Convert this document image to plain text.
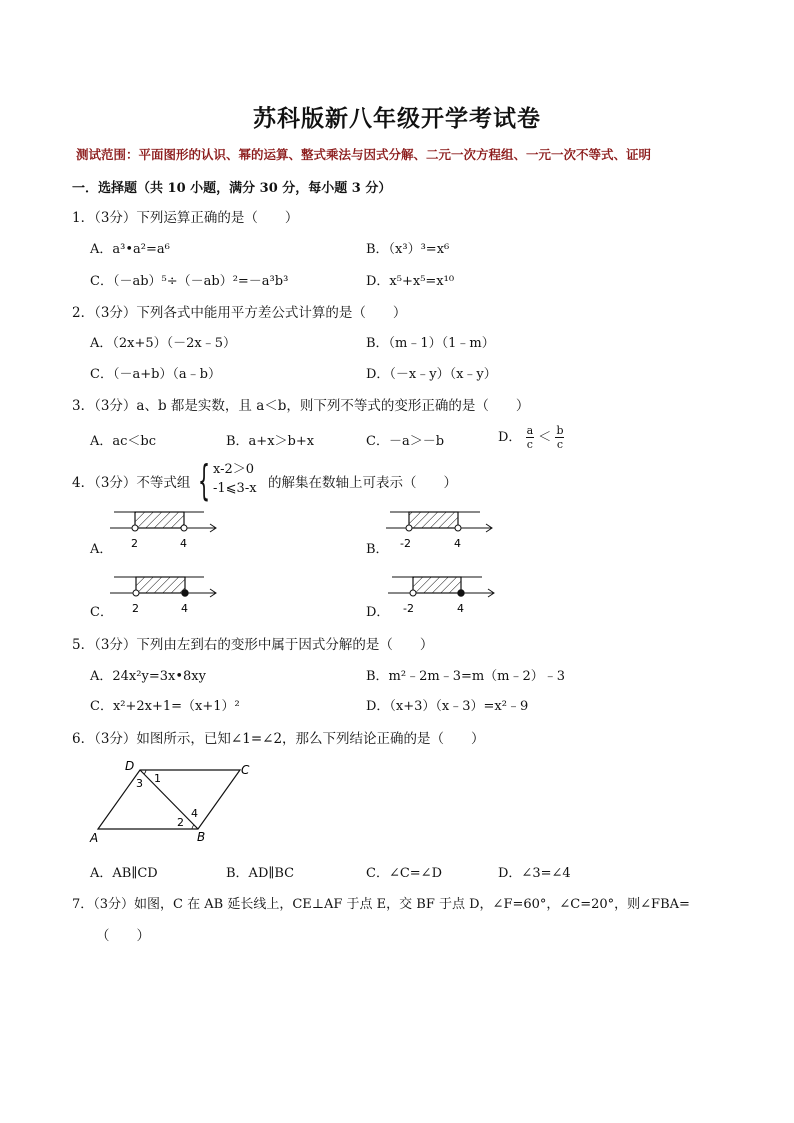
苏科版新八年级开学考试卷
测试范围：平面图形的认识、幂的运算、整式乘法与因式分解、二元一次方程组、一元一次不等式、证明
一．选择题（共 10 小题，满分 30 分，每小题 3 分）
1．（3分）下列运算正确的是（　　）
A．a³•a²=a⁶	B．（x³）³=x⁶
C．（－ab）⁵÷（－ab）²=－a³b³	D．x⁵+x⁵=x¹⁰
2．（3分）下列各式中能用平方差公式计算的是（　　）
A．（2x+5）（－2x﹣5）	B．（m﹣1）（1﹣m）
C．（－a+b）（a﹣b）	D．（－x﹣y）（x﹣y）
3．（3分）a、b 都是实数，且 a＜b，则下列不等式的变形正确的是（　　）
A．ac＜bc	B．a+x＞b+x	C．－a＞－b	D． $\frac{a}{c} < \frac{b}{c}$
4．（3分）不等式组 { x-2＞0
-1⩽3-x 的解集在数轴上可表示（　　）
A．	B．
C．	D．
2	4	-2	4
2	4	-2	4
5．（3分）下列由左到右的变形中属于因式分解的是（　　）
A．24x²y=3x•8xy	B．m²﹣2m﹣3=m（m﹣2）﹣3
C．x²+2x+1=（x+1）²	D．（x+3）（x﹣3）=x²﹣9
6．（3分）如图所示，已知∠1=∠2，那么下列结论正确的是（　　）
D	C
A	B
1
2
3
4
A．AB∥CD	B．AD∥BC	C．∠C=∠D	D．∠3=∠4
7．（3分）如图，C 在 AB 延长线上，CE⊥AF 于点 E，交 BF 于点 D，∠F=60°，∠C=20°，则∠FBA=
（　　）
